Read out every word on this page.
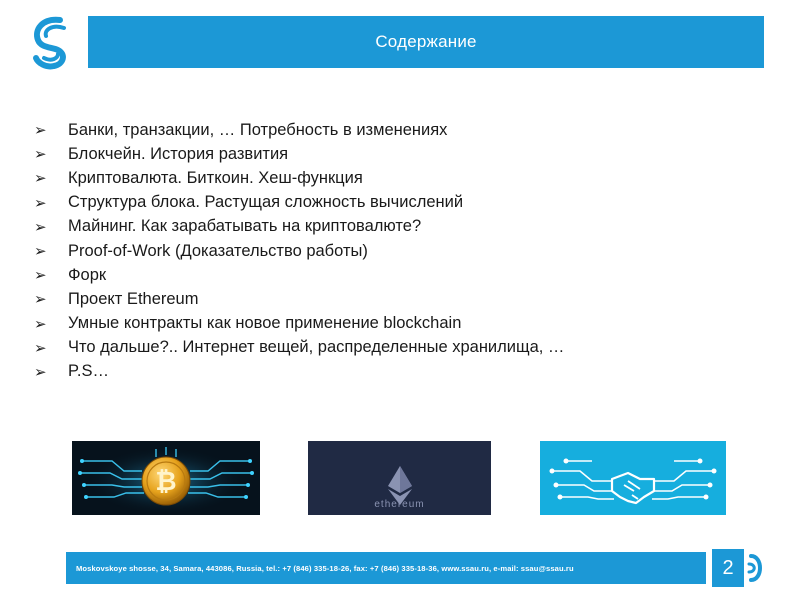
Содержание
➢	Банки, транзакции, … Потребность в изменениях
➢	Блокчейн. История развития
➢	Криптовалюта. Биткоин. Хеш-функция
➢	Структура блока. Растущая сложность вычислений
➢	Майнинг. Как зарабатывать на криптовалюте?
➢	Proof-of-Work (Доказательство работы)
➢	Форк
➢	Проект Ethereum
➢	Умные контракты как новое применение blockchain
➢	Что дальше?.. Интернет вещей, распределенные хранилища, …
➢	P.S…
₿
ethereum
Moskovskoye shosse, 34, Samara, 443086, Russia, tel.: +7 (846) 335-18-26, fax: +7 (846) 335-18-36, www.ssau.ru, e-mail: ssau@ssau.ru	2
